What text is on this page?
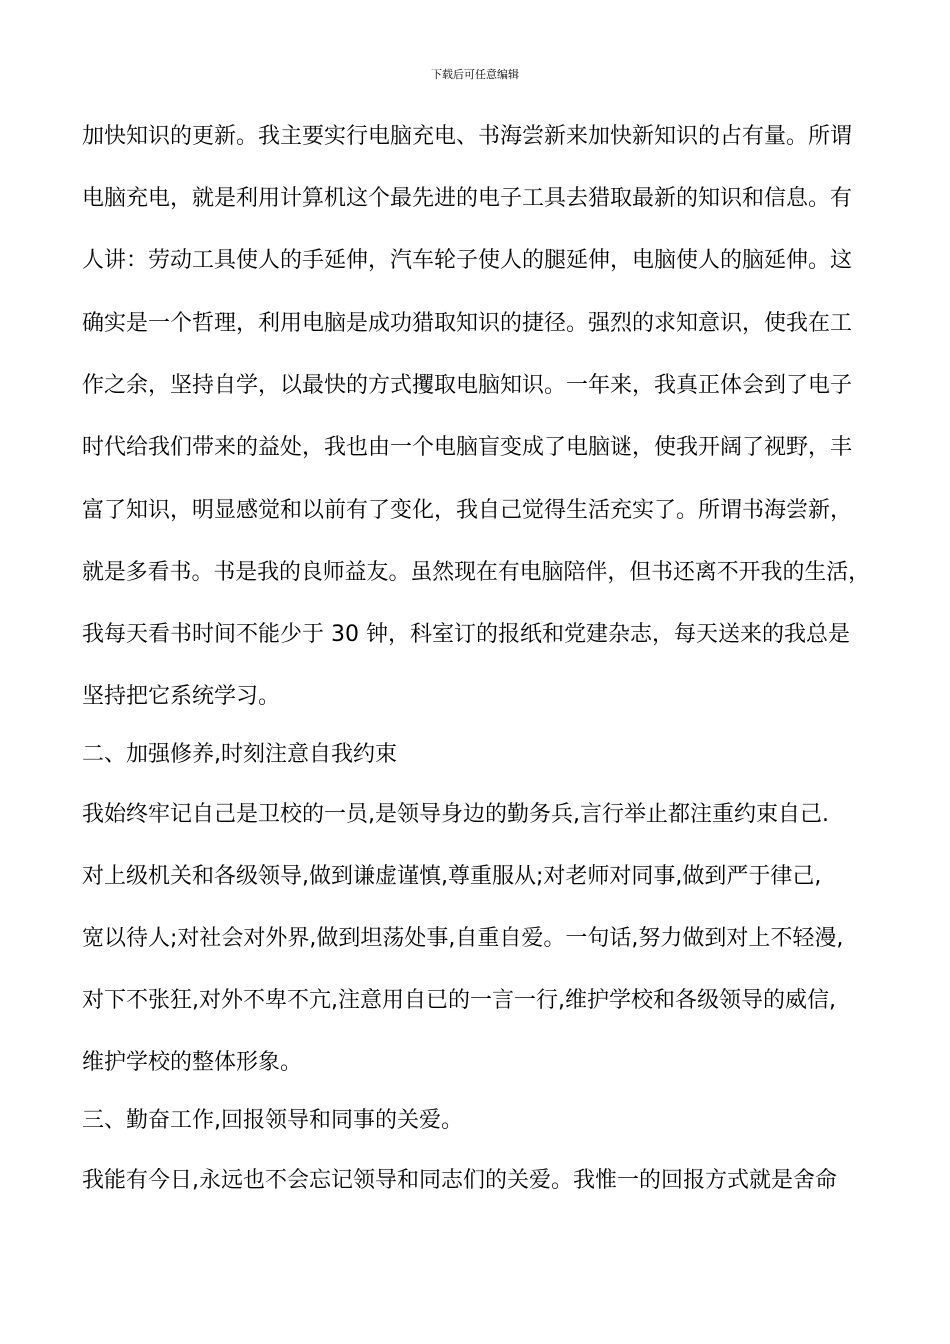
下载后可任意编辑
加快知识的更新。我主要实行电脑充电、书海尝新来加快新知识的占有量。所谓
电脑充电，就是利用计算机这个最先进的电子工具去猎取最新的知识和信息。有
人讲：劳动工具使人的手延伸，汽车轮子使人的腿延伸，电脑使人的脑延伸。这
确实是一个哲理，利用电脑是成功猎取知识的捷径。强烈的求知意识，使我在工
作之余，坚持自学，以最快的方式攫取电脑知识。一年来，我真正体会到了电子
时代给我们带来的益处，我也由一个电脑盲变成了电脑谜，使我开阔了视野，丰
富了知识，明显感觉和以前有了变化，我自己觉得生活充实了。所谓书海尝新，
就是多看书。书是我的良师益友。虽然现在有电脑陪伴，但书还离不开我的生活，
我每天看书时间不能少于 30 钟，科室订的报纸和党建杂志，每天送来的我总是
坚持把它系统学习。
二、加强修养,时刻注意自我约束
我始终牢记自己是卫校的一员,是领导身边的勤务兵,言行举止都注重约束自己.
对上级机关和各级领导,做到谦虚谨慎,尊重服从;对老师对同事,做到严于律己,
宽以待人;对社会对外界,做到坦荡处事,自重自爱。一句话,努力做到对上不轻漫,
对下不张狂,对外不卑不亢,注意用自已的一言一行,维护学校和各级领导的威信,
维护学校的整体形象。
三、勤奋工作,回报领导和同事的关爱。
我能有今日,永远也不会忘记领导和同志们的关爱。我惟一的回报方式就是舍命
